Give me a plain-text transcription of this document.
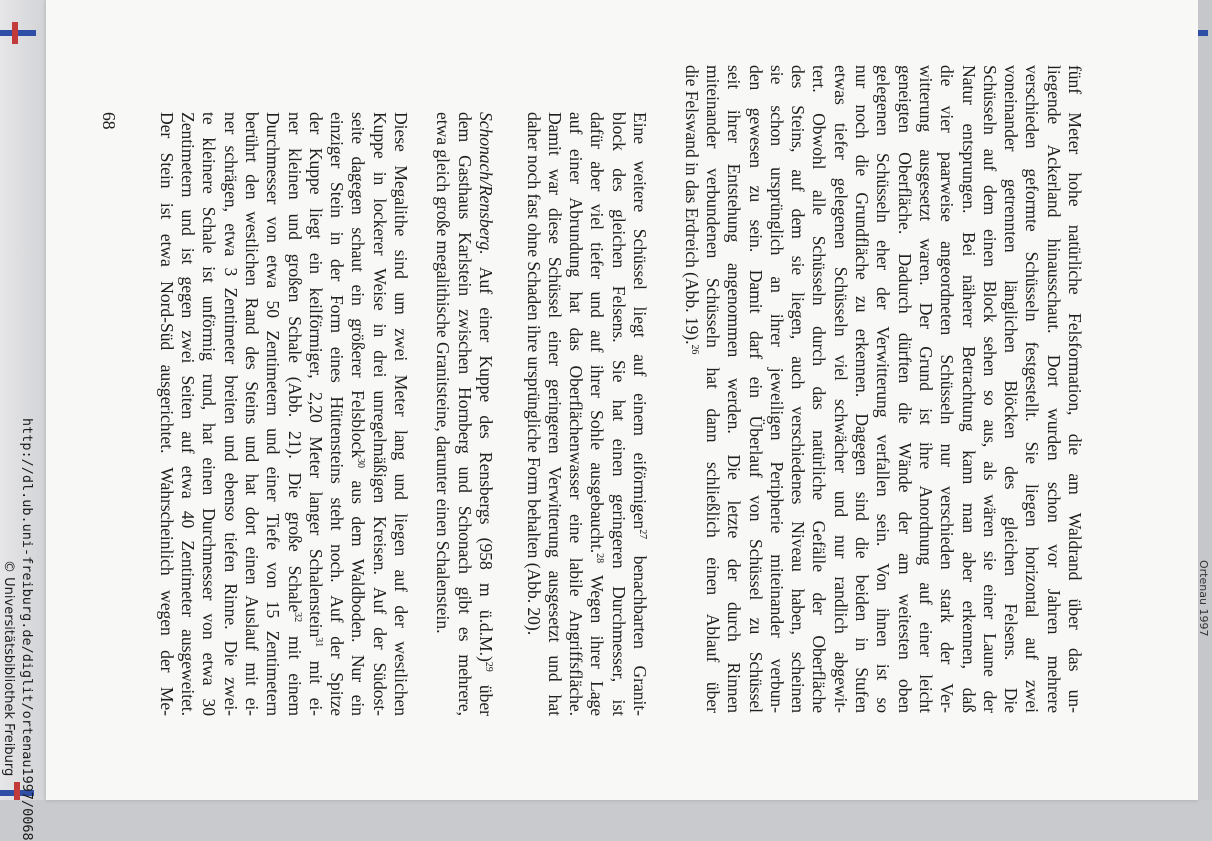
Ortenau 1997
fünf Meter hohe natürliche Felsformation, die am Waldrand über das un-
liegende Ackerland hinausschaut. Dort wurden schon vor Jahren mehrere
verschieden geformte Schüsseln festgestellt. Sie liegen horizontal auf zwei
voneinander getrennten länglichen Blöcken des gleichen Felsens. Die
Schüsseln auf dem einen Block sehen so aus, als wären sie einer Laune der
Natur entsprungen. Bei näherer Betrachtung kann man aber erkennen, daß
die vier paarweise angeordneten Schüsseln nur verschieden stark der Ver-
witterung ausgesetzt waren. Der Grund ist ihre Anordnung auf einer leicht
geneigten Oberfläche. Dadurch dürften die Wände der am weitesten oben
gelegenen Schüsseln eher der Verwitterung verfallen sein. Von ihnen ist so
nur noch die Grundfläche zu erkennen. Dagegen sind die beiden in Stufen
etwas tiefer gelegenen Schüsseln viel schwächer und nur randlich abgewit-
tert. Obwohl alle Schüsseln durch das natürliche Gefälle der Oberfläche
des Steins, auf dem sie liegen, auch verschiedenes Niveau haben, scheinen
sie schon ursprünglich an ihrer jeweiligen Peripherie miteinander verbun-
den gewesen zu sein. Damit darf ein Überlauf von Schüssel zu Schüssel
seit ihrer Entstehung angenommen werden. Die letzte der durch Rinnen
miteinander verbundenen Schüsseln hat dann schließlich einen Ablauf über
die Felswand in das Erdreich (Abb. 19).$^{26}$
Eine weitere Schüssel liegt auf einem eiförmigen$^{27}$ benachbarten Granit-
block des gleichen Felsens. Sie hat einen geringeren Durchmesser, ist
dafür aber viel tiefer und auf ihrer Sohle ausgebaucht.$^{28}$ Wegen ihrer Lage
auf einer Abrundung hat das Oberflächenwasser eine labile Angriffsfläche.
Damit war diese Schüssel einer geringeren Verwitterung ausgesetzt und hat
daher noch fast ohne Schaden ihre ursprüngliche Form behalten (Abb. 20).
Schonach/Rensberg. Auf einer Kuppe des Rensbergs (958 m ü.d.M.)$^{29}$ über
dem Gasthaus Karlstein zwischen Hornberg und Schonach gibt es mehrere,
etwa gleich große megalithische Granitsteine, darunter einen Schalenstein.
Diese Megalithe sind um zwei Meter lang und liegen auf der westlichen
Kuppe in lockerer Weise in drei unregelmäßigen Kreisen. Auf der Südost-
seite dagegen schaut ein größerer Felsblock$^{30}$ aus dem Waldboden. Nur ein
einziger Stein in der Form eines Hüttensteins steht noch. Auf der Spitze
der Kuppe liegt ein keilförmiger, 2,20 Meter langer Schalenstein$^{31}$ mit ei-
ner kleinen und großen Schale (Abb. 21). Die große Schale$^{32}$ mit einem
Durchmesser von etwa 50 Zentimetern und einer Tiefe von 15 Zentimetern
berührt den westlichen Rand des Steins und hat dort einen Auslauf mit ei-
ner schrägen, etwa 3 Zentimeter breiten und ebenso tiefen Rinne. Die zwei-
te kleinere Schale ist unförmig rund, hat einen Durchmesser von etwa 30
Zentimetern und ist gegen zwei Seiten auf etwa 40 Zentimeter ausgeweitet.
Der Stein ist etwa Nord-Süd ausgerichtet. Wahrscheinlich wegen der Me-
68
http://dl.ub.uni-freiburg.de/diglit/ortenau1997/0068
© Universitätsbibliothek Freiburg
